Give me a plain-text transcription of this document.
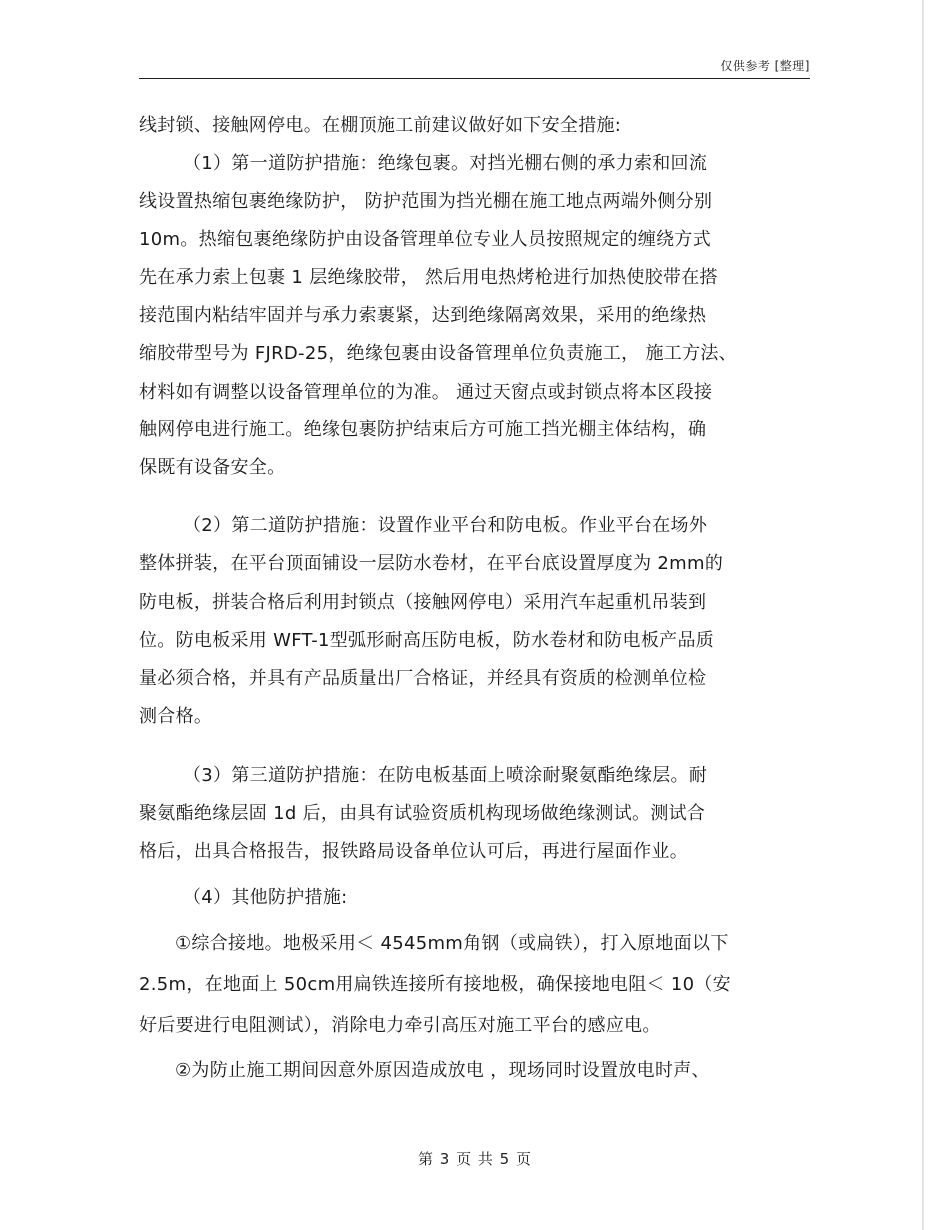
仅供参考 [整理]
线封锁、接触网停电。在棚顶施工前建议做好如下安全措施:
（1）第一道防护措施：绝缘包裹。对挡光棚右侧的承力索和回流
线设置热缩包裹绝缘防护， 防护范围为挡光棚在施工地点两端外侧分别
10m。热缩包裹绝缘防护由设备管理单位专业人员按照规定的缠绕方式
先在承力索上包裹 1 层绝缘胶带， 然后用电热烤枪进行加热使胶带在搭
接范围内粘结牢固并与承力索裹紧，达到绝缘隔离效果，采用的绝缘热
缩胶带型号为 FJRD-25，绝缘包裹由设备管理单位负责施工， 施工方法、
材料如有调整以设备管理单位的为准。 通过天窗点或封锁点将本区段接
触网停电进行施工。绝缘包裹防护结束后方可施工挡光棚主体结构，确
保既有设备安全。
（2）第二道防护措施：设置作业平台和防电板。作业平台在场外
整体拼装，在平台顶面铺设一层防水卷材，在平台底设置厚度为 2mm的
防电板，拼装合格后利用封锁点（接触网停电）采用汽车起重机吊装到
位。防电板采用 WFT-1型弧形耐高压防电板，防水卷材和防电板产品质
量必须合格，并具有产品质量出厂合格证，并经具有资质的检测单位检
测合格。
（3）第三道防护措施：在防电板基面上喷涂耐聚氨酯绝缘层。耐
聚氨酯绝缘层固 1d 后，由具有试验资质机构现场做绝缘测试。测试合
格后，出具合格报告，报铁路局设备单位认可后，再进行屋面作业。
（4）其他防护措施:
①综合接地。地极采用＜ 4545mm角钢（或扁铁），打入原地面以下
2.5m，在地面上 50cm用扁铁连接所有接地极，确保接地电阻＜ 10（安
好后要进行电阻测试），消除电力牵引高压对施工平台的感应电。
②为防止施工期间因意外原因造成放电 ，现场同时设置放电时声、
第 3 页 共 5 页
